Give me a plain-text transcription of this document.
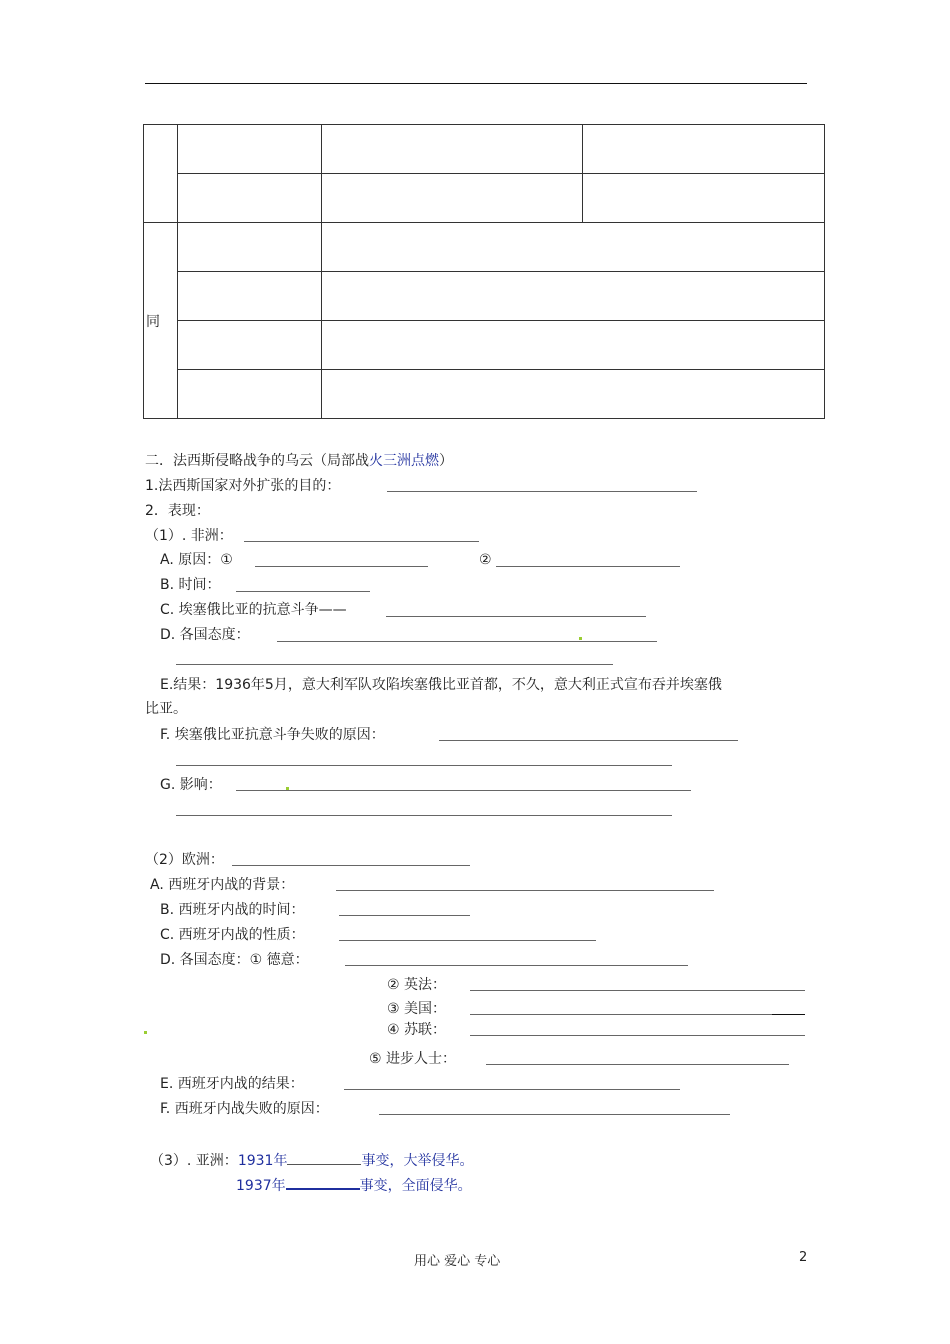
同			

二．法西斯侵略战争的乌云（局部战火三洲点燃）
1.法西斯国家对外扩张的目的：
2．表现：
（1）. 非洲：
A. 原因：①	②
B. 时间：
C. 埃塞俄比亚的抗意斗争——
D. 各国态度：
E.结果：1936年5月，意大利军队攻陷埃塞俄比亚首都，不久，意大利正式宣布吞并埃塞俄
比亚。
F. 埃塞俄比亚抗意斗争失败的原因：
G. 影响：
（2）欧洲：
A. 西班牙内战的背景：
B. 西班牙内战的时间：
C. 西班牙内战的性质：
D. 各国态度：① 德意：
② 英法：
③ 美国：
④ 苏联：
⑤ 进步人士：
E. 西班牙内战的结果：
F. 西班牙内战失败的原因：
（3）. 亚洲：1931年	事变，大举侵华。
1937年	事变，全面侵华。
用心 爱心 专心	2
